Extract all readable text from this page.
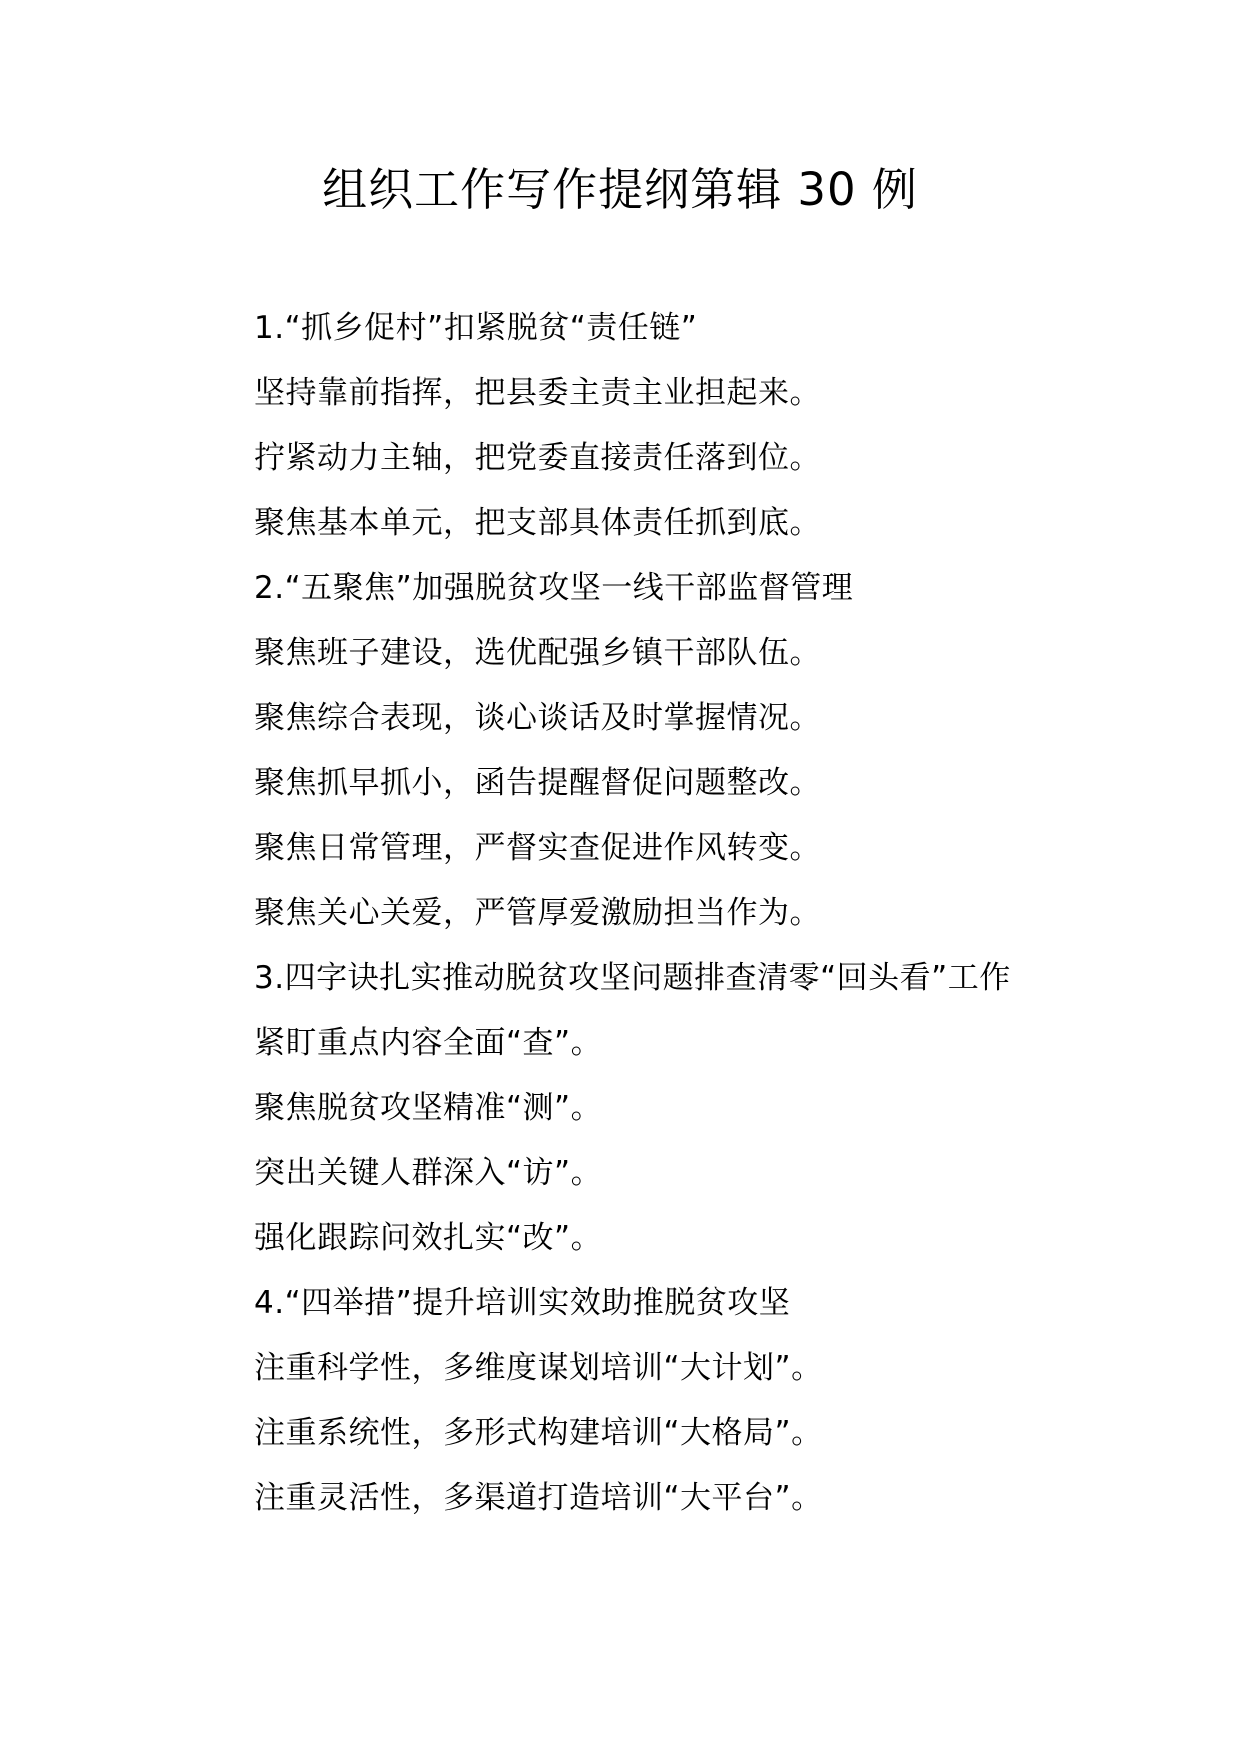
组织工作写作提纲第辑 30 例

1.“抓乡促村”扣紧脱贫“责任链”

坚持靠前指挥，把县委主责主业担起来。

拧紧动力主轴，把党委直接责任落到位。

聚焦基本单元，把支部具体责任抓到底。

2.“五聚焦”加强脱贫攻坚一线干部监督管理

聚焦班子建设，选优配强乡镇干部队伍。

聚焦综合表现，谈心谈话及时掌握情况。

聚焦抓早抓小，函告提醒督促问题整改。

聚焦日常管理，严督实查促进作风转变。

聚焦关心关爱，严管厚爱激励担当作为。

3.四字诀扎实推动脱贫攻坚问题排查清零“回头看”工作

紧盯重点内容全面“查”。

聚焦脱贫攻坚精准“测”。

突出关键人群深入“访”。

强化跟踪问效扎实“改”。

4.“四举措”提升培训实效助推脱贫攻坚

注重科学性，多维度谋划培训“大计划”。

注重系统性，多形式构建培训“大格局”。

注重灵活性，多渠道打造培训“大平台”。
